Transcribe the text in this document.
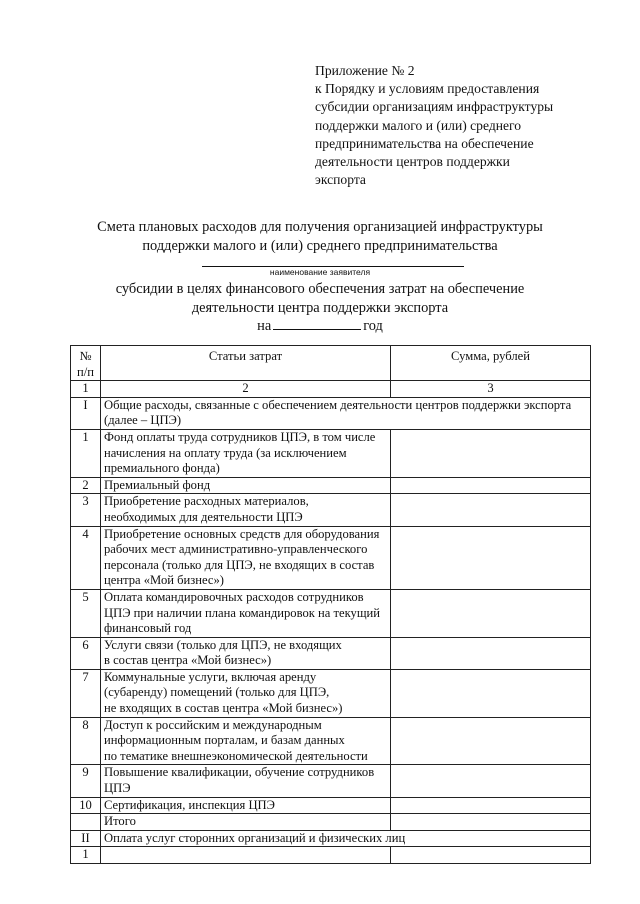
Приложение № 2
к Порядку и условиям предоставления
субсидии организациям инфраструктуры
поддержки малого и (или) среднего
предпринимательства на обеспечение
деятельности центров поддержки
экспорта
Смета плановых расходов для получения организацией инфраструктуры
поддержки малого и (или) среднего предпринимательства
наименование заявителя
субсидии в целях финансового обеспечения затрат на обеспечение
деятельности центра поддержки экспорта
на	год
№
п/п	Статьи затрат	Сумма, рублей
1	2	3
I	Общие расходы, связанные с обеспечением деятельности центров поддержки экспорта
(далее – ЦПЭ)	

1	Фонд оплаты труда сотрудников ЦПЭ, в том числе
начисления на оплату труда (за исключением
премиального фонда)	

2	Премиальный фонд	

3	Приобретение расходных материалов,
необходимых для деятельности ЦПЭ	

4	Приобретение основных средств для оборудования
рабочих мест административно-управленческого
персонала (только для ЦПЭ, не входящих в состав
центра «Мой бизнес»)	

5	Оплата командировочных расходов сотрудников
ЦПЭ при наличии плана командировок на текущий
финансовый год	

6	Услуги связи (только для ЦПЭ, не входящих
в состав центра «Мой бизнес»)	

7	Коммунальные услуги, включая аренду
(субаренду) помещений (только для ЦПЭ,
не входящих в состав центра «Мой бизнес»)	

8	Доступ к российским и международным
информационным порталам, и базам данных
по тематике внешнеэкономической деятельности	

9	Повышение квалификации, обучение сотрудников
ЦПЭ	

10	Сертификация, инспекция ЦПЭ	

	Итого	

II	Оплата услуг сторонних организаций и физических лиц	

1	
